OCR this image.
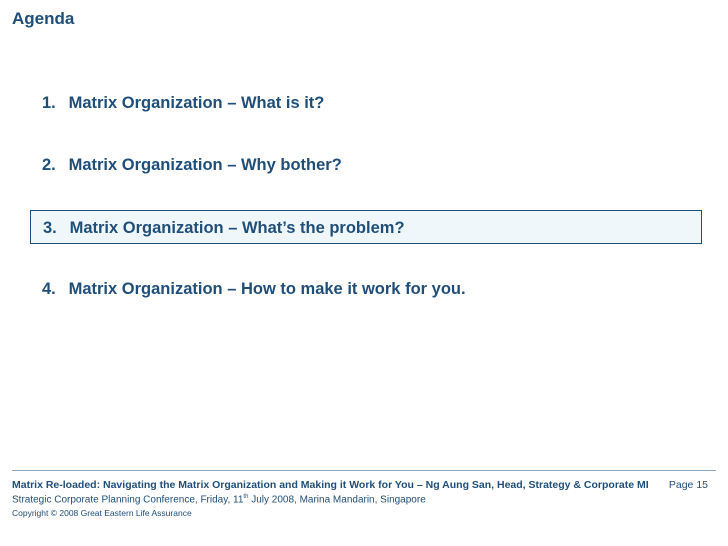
Agenda
1. Matrix Organization – What is it?
2. Matrix Organization – Why bother?
3. Matrix Organization – What’s the problem?
4. Matrix Organization – How to make it work for you.
Matrix Re-loaded: Navigating the Matrix Organization and Making it Work for You – Ng Aung San, Head, Strategy & Corporate MI Page 15
Strategic Corporate Planning Conference, Friday, 11th July 2008, Marina Mandarin, Singapore
Copyright © 2008 Great Eastern Life Assurance
